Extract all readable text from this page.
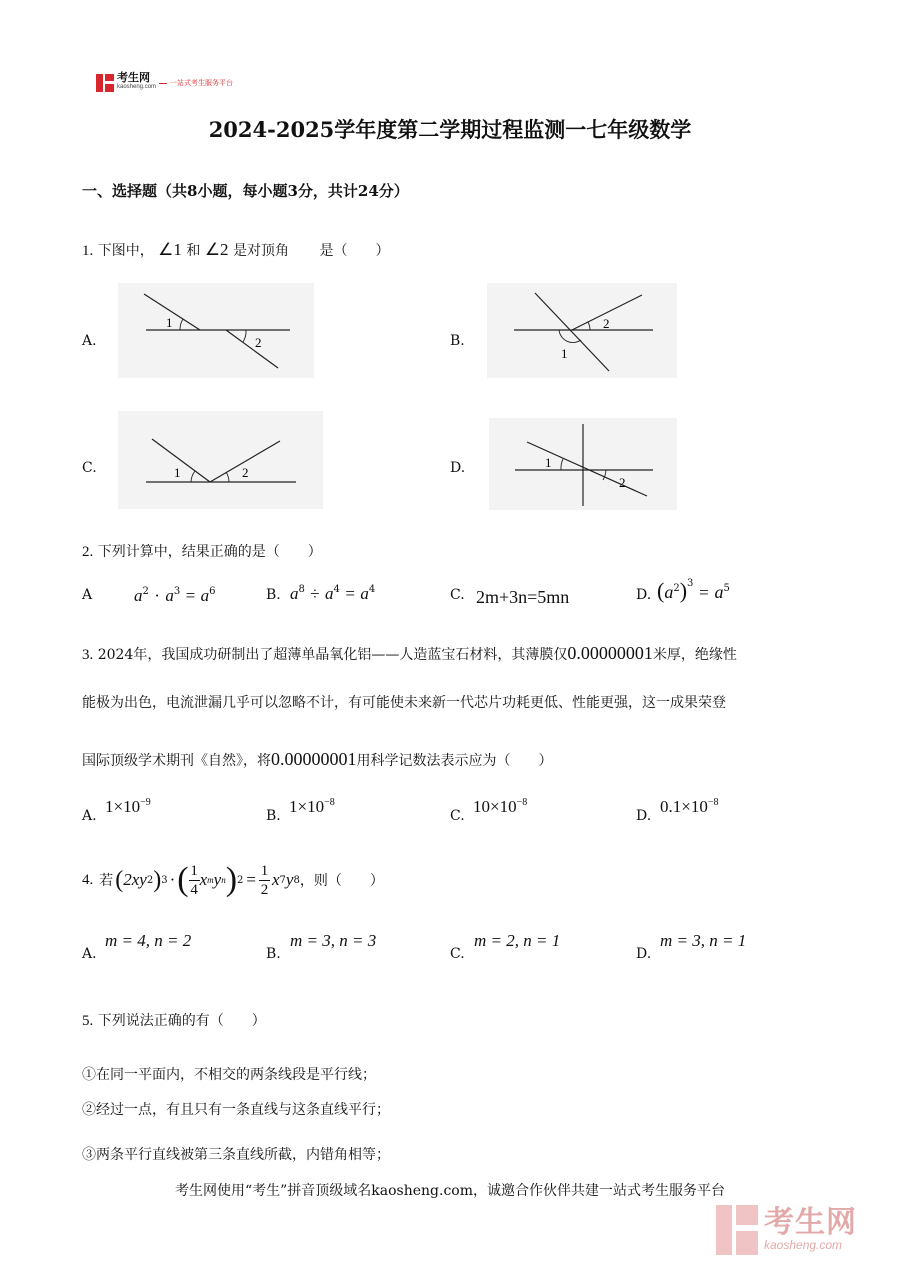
考生网
kaosheng.com 一站式考生服务平台
2024-2025学年度第二学期过程监测一七年级数学
一、选择题（共8小题，每小题3分，共计24分）
1. 下图中， ∠1 和 ∠2 是对顶角 是（　　）
A.
1
2	B.
2
1
C.	1	2	D.	1
2
2. 下列计算中，结果正确的是（　　）
A $a^2 \cdot a^3 = a^6$	B. $a^8 \div a^4 = a^4$	C. 2m+3n=5mn	D. $(a^2)^3 = a^5$
3. 2024年，我国成功研制出了超薄单晶氧化铝——人造蓝宝石材料，其薄膜仅0.00000001米厚，绝缘性
能极为出色，电流泄漏几乎可以忽略不计，有可能使未来新一代芯片功耗更低、性能更强，这一成果荣登
国际顶级学术期刊《自然》，将0.00000001用科学记数法表示应为（　　）
A. $1\times 10^{-9}$
B. $1\times 10^{-8}$
C. $10\times 10^{-8}$
D. $0.1\times 10^{-8}$
4. 若 ( 2xy 2 ) 3 · ( 1
4
x m y n ) 2 = 1
2
x 7 y 8 ，则（　　）
A.
m = 4, n = 2
B.
m = 3, n = 3
C.
m = 2, n = 1
D.
m = 3, n = 1
5. 下列说法正确的有（　　）
①在同一平面内，不相交的两条线段是平行线；
②经过一点，有且只有一条直线与这条直线平行；
③两条平行直线被第三条直线所截，内错角相等；
考生网使用“考生”拼音顶级域名kaosheng.com，诚邀合作伙伴共建一站式考生服务平台
考生网
kaosheng.com
